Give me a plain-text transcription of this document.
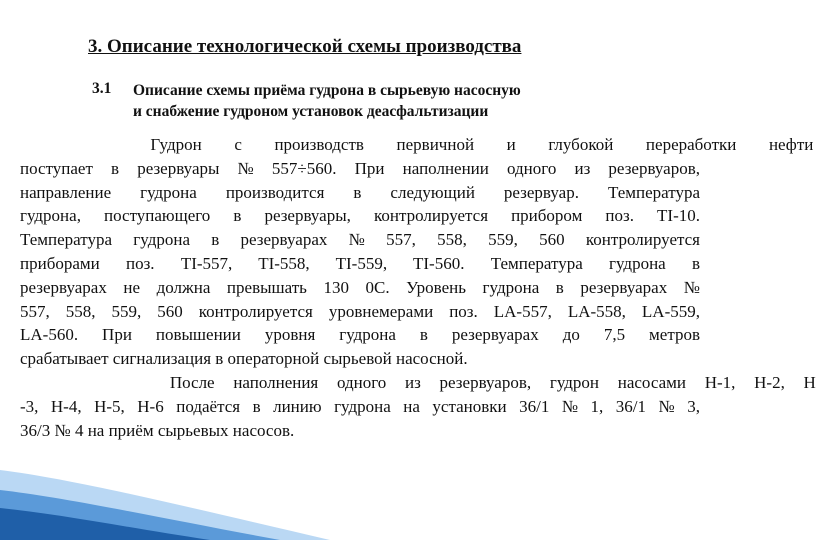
3. Описание технологической схемы производства
3.1 Описание схемы приёма гудрона в сырьевую насосную
и снабжение гудроном установок деасфальтизации
Гудрон с производств первичной и глубокой переработки нефти
поступает в резервуары № 557÷560. При наполнении одного из резервуаров,
направление гудрона производится в следующий резервуар. Температура
гудрона, поступающего в резервуары, контролируется прибором поз. TI-10.
Температура гудрона в резервуарах № 557, 558, 559, 560 контролируется
приборами поз. TI-557, TI-558, TI-559, TI-560. Температура гудрона в
резервуарах не должна превышать 130 0С. Уровень гудрона в резервуарах №
557, 558, 559, 560 контролируется уровнемерами поз. LA-557, LA-558, LA-559,
LA-560. При повышении уровня гудрона в резервуарах до 7,5 метров
срабатывает сигнализация в операторной сырьевой насосной.
После наполнения одного из резервуаров, гудрон насосами Н-1, Н-2, Н
-3, Н-4, Н-5, Н-6 подаётся в линию гудрона на установки 36/1 № 1, 36/1 № 3,
36/3 № 4 на приём сырьевых насосов.
